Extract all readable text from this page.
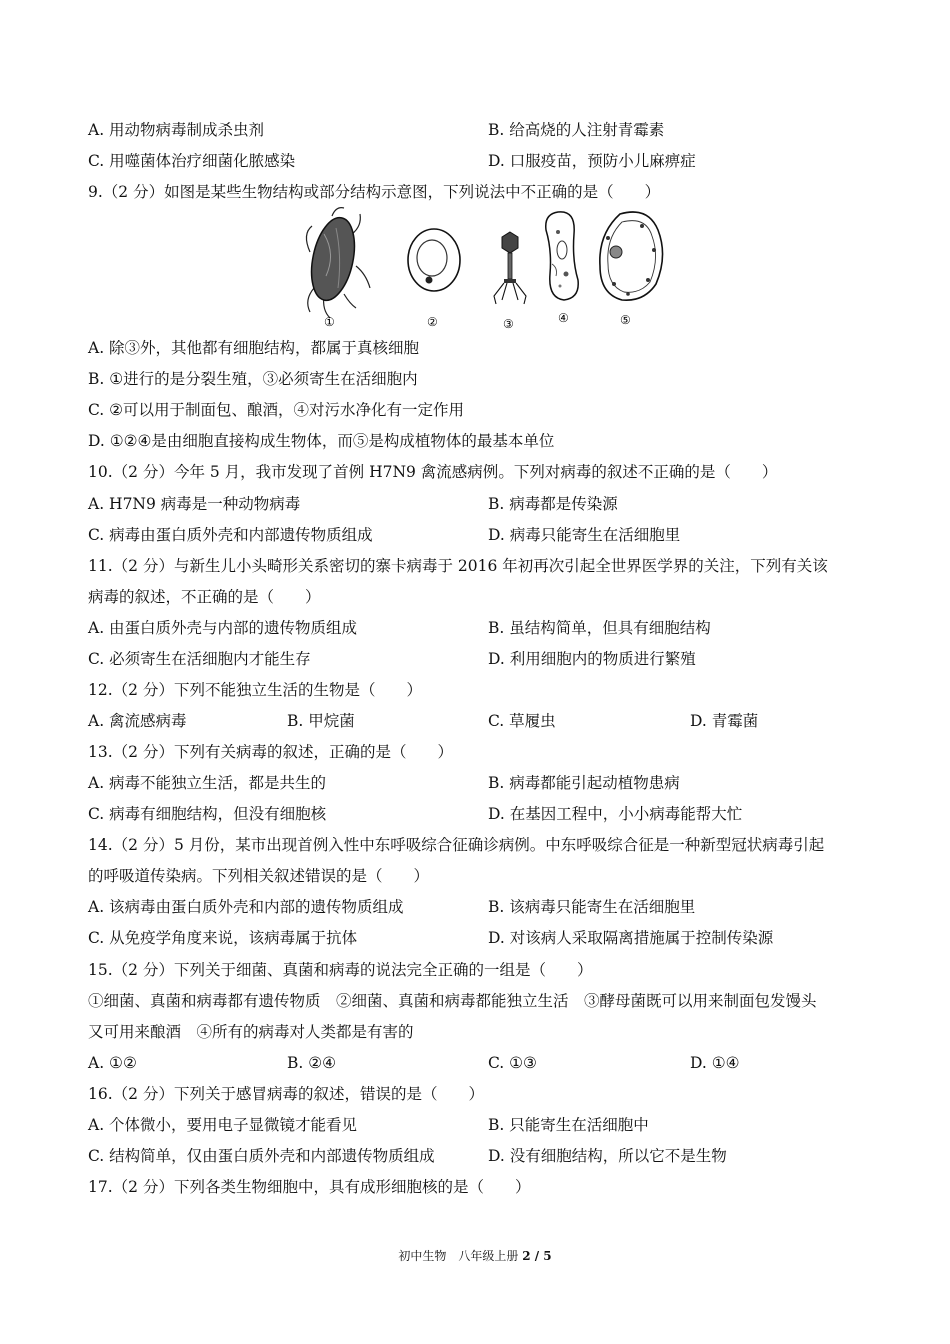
A. 用动物病毒制成杀虫剂	B. 给高烧的人注射青霉素
C. 用噬菌体治疗细菌化脓感染	D. 口服疫苗，预防小儿麻痹症
9.（2 分）如图是某些生物结构或部分结构示意图，下列说法中不正确的是（　　）
①	②	③	④	⑤
A. 除③外，其他都有细胞结构，都属于真核细胞
B. ①进行的是分裂生殖，③必须寄生在活细胞内
C. ②可以用于制面包、酿酒，④对污水净化有一定作用
D. ①②④是由细胞直接构成生物体，而⑤是构成植物体的最基本单位
10.（2 分）今年 5 月，我市发现了首例 H7N9 禽流感病例。下列对病毒的叙述不正确的是（　　）
A. H7N9 病毒是一种动物病毒	B. 病毒都是传染源
C. 病毒由蛋白质外壳和内部遗传物质组成	D. 病毒只能寄生在活细胞里
11.（2 分）与新生儿小头畸形关系密切的寨卡病毒于 2016 年初再次引起全世界医学界的关注，下列有关该
病毒的叙述，不正确的是（　　）
A. 由蛋白质外壳与内部的遗传物质组成	B. 虽结构简单，但具有细胞结构
C. 必须寄生在活细胞内才能生存	D. 利用细胞内的物质进行繁殖
12.（2 分）下列不能独立生活的生物是（　　）
A. 禽流感病毒	B. 甲烷菌	C. 草履虫	D. 青霉菌
13.（2 分）下列有关病毒的叙述，正确的是（　　）
A. 病毒不能独立生活，都是共生的	B. 病毒都能引起动植物患病
C. 病毒有细胞结构，但没有细胞核	D. 在基因工程中，小小病毒能帮大忙
14.（2 分）5 月份，某市出现首例入性中东呼吸综合征确诊病例。中东呼吸综合征是一种新型冠状病毒引起
的呼吸道传染病。下列相关叙述错误的是（　　）
A. 该病毒由蛋白质外壳和内部的遗传物质组成	B. 该病毒只能寄生在活细胞里
C. 从免疫学角度来说，该病毒属于抗体	D. 对该病人采取隔离措施属于控制传染源
15.（2 分）下列关于细菌、真菌和病毒的说法完全正确的一组是（　　）
①细菌、真菌和病毒都有遗传物质　②细菌、真菌和病毒都能独立生活　③酵母菌既可以用来制面包发馒头
又可用来酿酒　④所有的病毒对人类都是有害的
A. ①②	B. ②④	C. ①③	D. ①④
16.（2 分）下列关于感冒病毒的叙述，错误的是（　　）
A. 个体微小，要用电子显微镜才能看见	B. 只能寄生在活细胞中
C. 结构简单，仅由蛋白质外壳和内部遗传物质组成	D. 没有细胞结构，所以它不是生物
17.（2 分）下列各类生物细胞中，具有成形细胞核的是（　　）
初中生物　八年级上册 2 / 5
